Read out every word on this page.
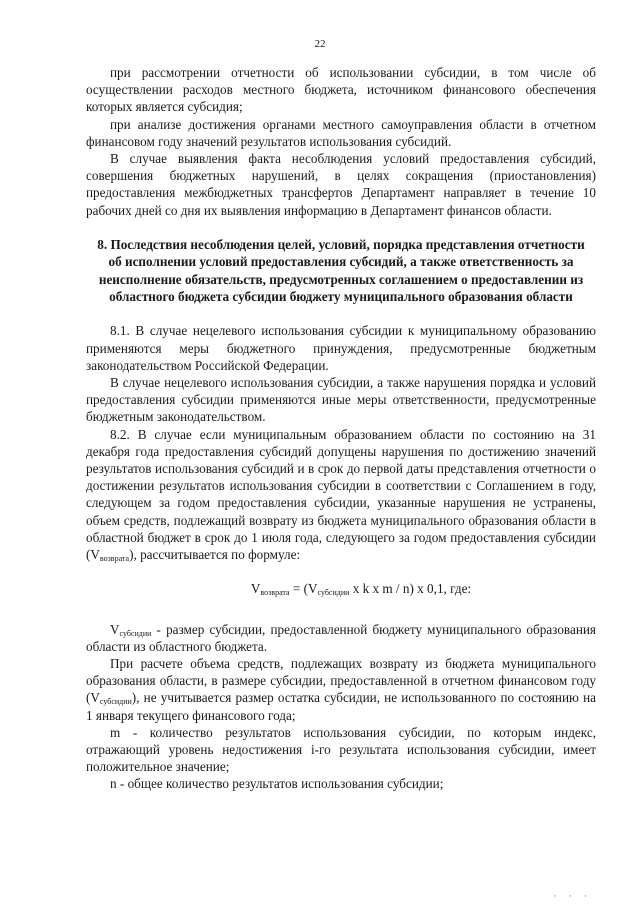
22

при рассмотрении отчетности об использовании субсидии, в том числе об осуществлении расходов местного бюджета, источником финансового обеспечения которых является субсидия;

при анализе достижения органами местного самоуправления области в отчетном финансовом году значений результатов использования субсидий.

В случае выявления факта несоблюдения условий предоставления субсидий, совершения бюджетных нарушений, в целях сокращения (приостановления) предоставления межбюджетных трансфертов Департамент направляет в течение 10 рабочих дней со дня их выявления информацию в Департамент финансов области.

8. Последствия несоблюдения целей, условий, порядка представления отчетности об исполнении условий предоставления субсидий, а также ответственность за неисполнение обязательств, предусмотренных соглашением о предоставлении из областного бюджета субсидии бюджету муниципального образования области

8.1. В случае нецелевого использования субсидии к муниципальному образованию применяются меры бюджетного принуждения, предусмотренные бюджетным законодательством Российской Федерации.

В случае нецелевого использования субсидии, а также нарушения порядка и условий предоставления субсидии применяются иные меры ответственности, предусмотренные бюджетным законодательством.

8.2. В случае если муниципальным образованием области по состоянию на 31 декабря года предоставления субсидий допущены нарушения по достижению значений результатов использования субсидий и в срок до первой даты представления отчетности о достижении результатов использования субсидии в соответствии с Соглашением в году, следующем за годом предоставления субсидии, указанные нарушения не устранены, объем средств, подлежащий возврату из бюджета муниципального образования области в областной бюджет в срок до 1 июля года, следующего за годом предоставления субсидии $(V_{возврата})$, рассчитывается по формуле:

$V_{возврата} = (V_{субсидии}$ x k x m / n) x 0,1, где:

$V_{субсидии}$ - размер субсидии, предоставленной бюджету муниципального образования области из областного бюджета.

При расчете объема средств, подлежащих возврату из бюджета муниципального образования области, в размере субсидии, предоставленной в отчетном финансовом году $(V_{субсидии})$, не учитывается размер остатка субсидии, не использованного по состоянию на 1 января текущего финансового года;

m - количество результатов использования субсидии, по которым индекс, отражающий уровень недостижения i-го результата использования субсидии, имеет положительное значение;

n - общее количество результатов использования субсидии;

· · ·
